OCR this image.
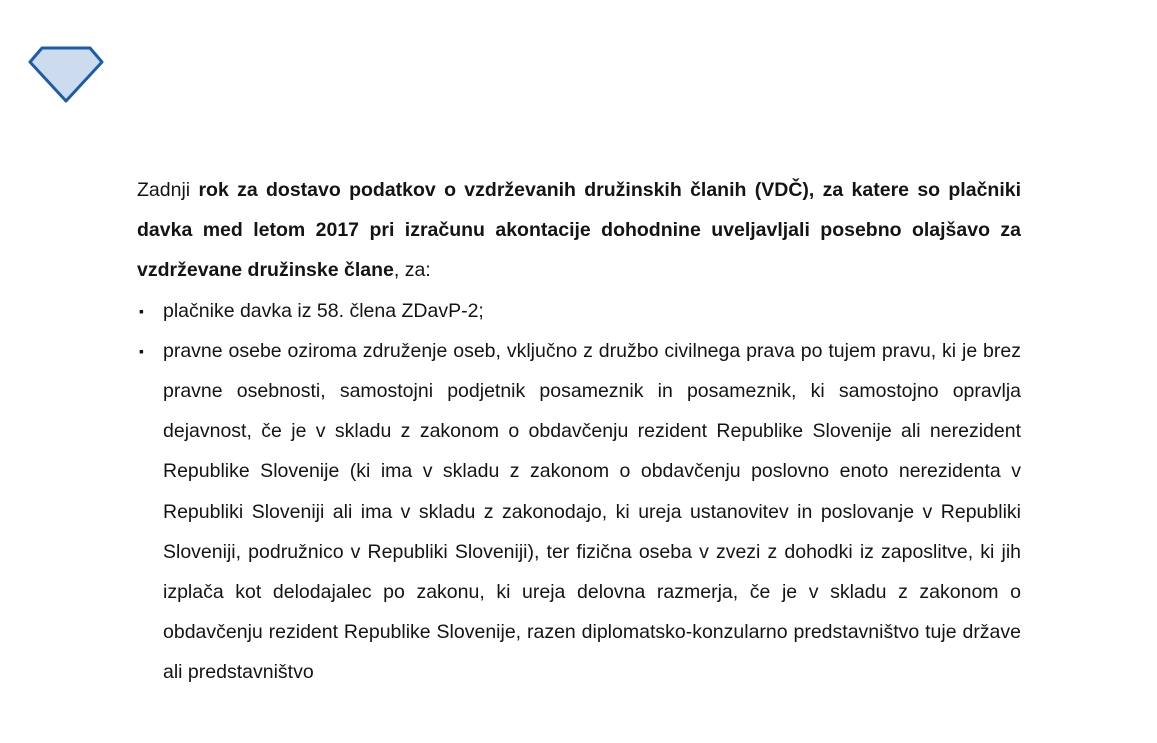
Zadnji rok za dostavo podatkov o vzdrževanih družinskih članih (VDČ), za katere so plačniki davka med letom 2017 pri izračunu akontacije dohodnine uveljavljali posebno olajšavo za vzdrževane družinske člane, za:

▪ plačnike davka iz 58. člena ZDavP-2;
▪ pravne osebe oziroma združenje oseb, vključno z družbo civilnega prava po tujem pravu, ki je brez pravne osebnosti, samostojni podjetnik posameznik in posameznik, ki samostojno opravlja dejavnost, če je v skladu z zakonom o obdavčenju rezident Republike Slovenije ali nerezident Republike Slovenije (ki ima v skladu z zakonom o obdavčenju poslovno enoto nerezidenta v Republiki Sloveniji ali ima v skladu z zakonodajo, ki ureja ustanovitev in poslovanje v Republiki Sloveniji, podružnico v Republiki Sloveniji), ter fizična oseba v zvezi z dohodki iz zaposlitve, ki jih izplača kot delodajalec po zakonu, ki ureja delovna razmerja, če je v skladu z zakonom o obdavčenju rezident Republike Slovenije, razen diplomatsko-konzularno predstavništvo tuje države ali predstavništvo
